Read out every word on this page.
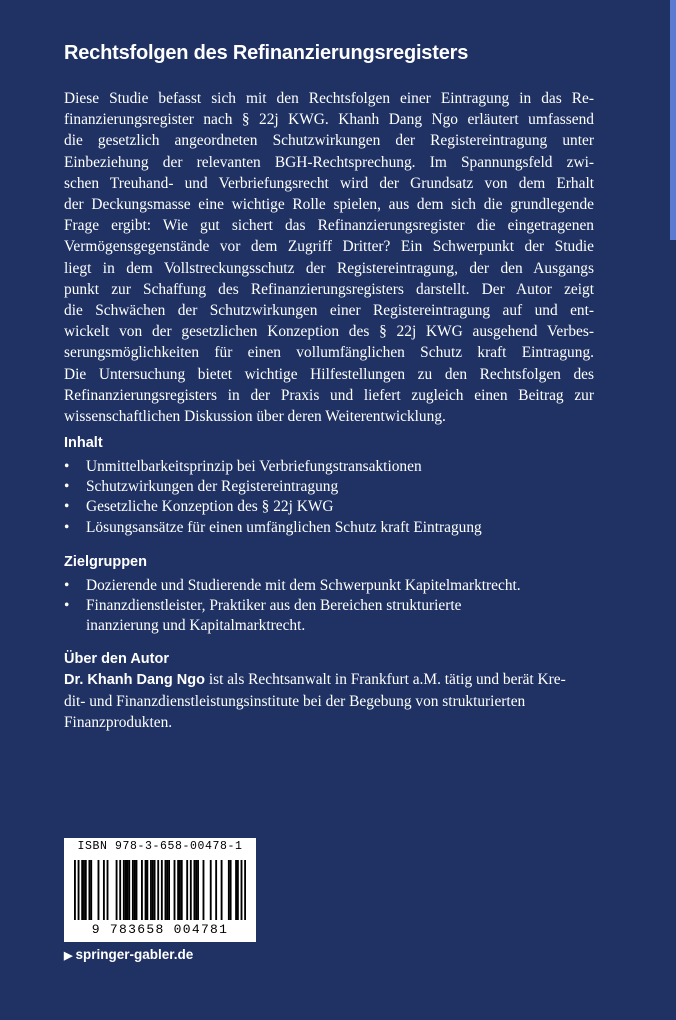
Rechtsfolgen des Refinanzierungsregisters
Diese Studie befasst sich mit den Rechtsfolgen einer Eintragung in das Re-
finanzierungsregister nach § 22j KWG. Khanh Dang Ngo erläutert umfassend
die gesetzlich angeordneten Schutzwirkungen der Registereintragung unter
Einbeziehung der relevanten BGH-Rechtsprechung. Im Spannungsfeld zwi-
schen Treuhand- und Verbriefungsrecht wird der Grundsatz von dem Erhalt
der Deckungsmasse eine wichtige Rolle spielen, aus dem sich die grundlegende
Frage ergibt: Wie gut sichert das Refinanzierungsregister die eingetragenen
Vermögensgegenstände vor dem Zugriff Dritter? Ein Schwerpunkt der Studie
liegt in dem Vollstreckungsschutz der Registereintragung, der den Ausgangs
punkt zur Schaffung des Refinanzierungsregisters darstellt. Der Autor zeigt
die Schwächen der Schutzwirkungen einer Registereintragung auf und ent-
wickelt von der gesetzlichen Konzeption des § 22j KWG ausgehend Verbes-
serungsmöglichkeiten für einen vollumfänglichen Schutz kraft Eintragung.
Die Untersuchung bietet wichtige Hilfestellungen zu den Rechtsfolgen des
Refinanzierungsregisters in der Praxis und liefert zugleich einen Beitrag zur
wissenschaftlichen Diskussion über deren Weiterentwicklung.
Inhalt
• Unmittelbarkeitsprinzip bei Verbriefungstransaktionen
• Schutzwirkungen der Registereintragung
• Gesetzliche Konzeption des § 22j KWG
• Lösungsansätze für einen umfänglichen Schutz kraft Eintragung
Zielgruppen
• Dozierende und Studierende mit dem Schwerpunkt Kapitelmarktrecht.
• Finanzdienstleister, Praktiker aus den Bereichen strukturierte
inanzierung und Kapitalmarktrecht.
Über den Autor
Dr. Khanh Dang Ngo ist als Rechtsanwalt in Frankfurt a.M. tätig und berät Kre-
dit- und Finanzdienstleistungsinstitute bei der Begebung von strukturierten
Finanzprodukten.
ISBN 978-3-658-00478-1
9 783658 004781
▶ springer-gabler.de
